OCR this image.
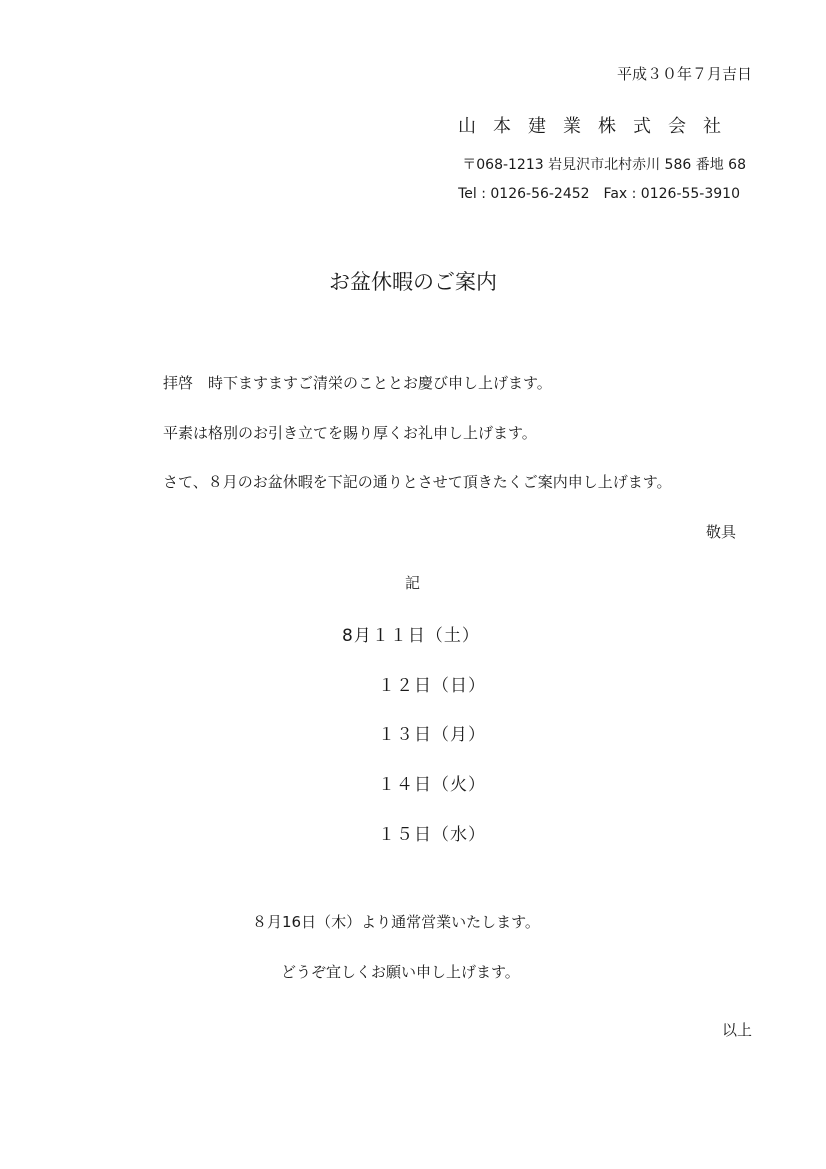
平成３０年７月吉日
山本建業株式会社
〒068-1213 岩見沢市北村赤川 586 番地 68
Tel : 0126-56-2452　Fax : 0126-55-3910
お盆休暇のご案内
拝啓　時下ますますご清栄のこととお慶び申し上げます。
平素は格別のお引き立てを賜り厚くお礼申し上げます。
さて、８月のお盆休暇を下記の通りとさせて頂きたくご案内申し上げます。
敬具
記
8月１１日（土）
１２日（日）
１３日（月）
１４日（火）
１５日（水）
８月16日（木）より通常営業いたします。
どうぞ宜しくお願い申し上げます。
以上
